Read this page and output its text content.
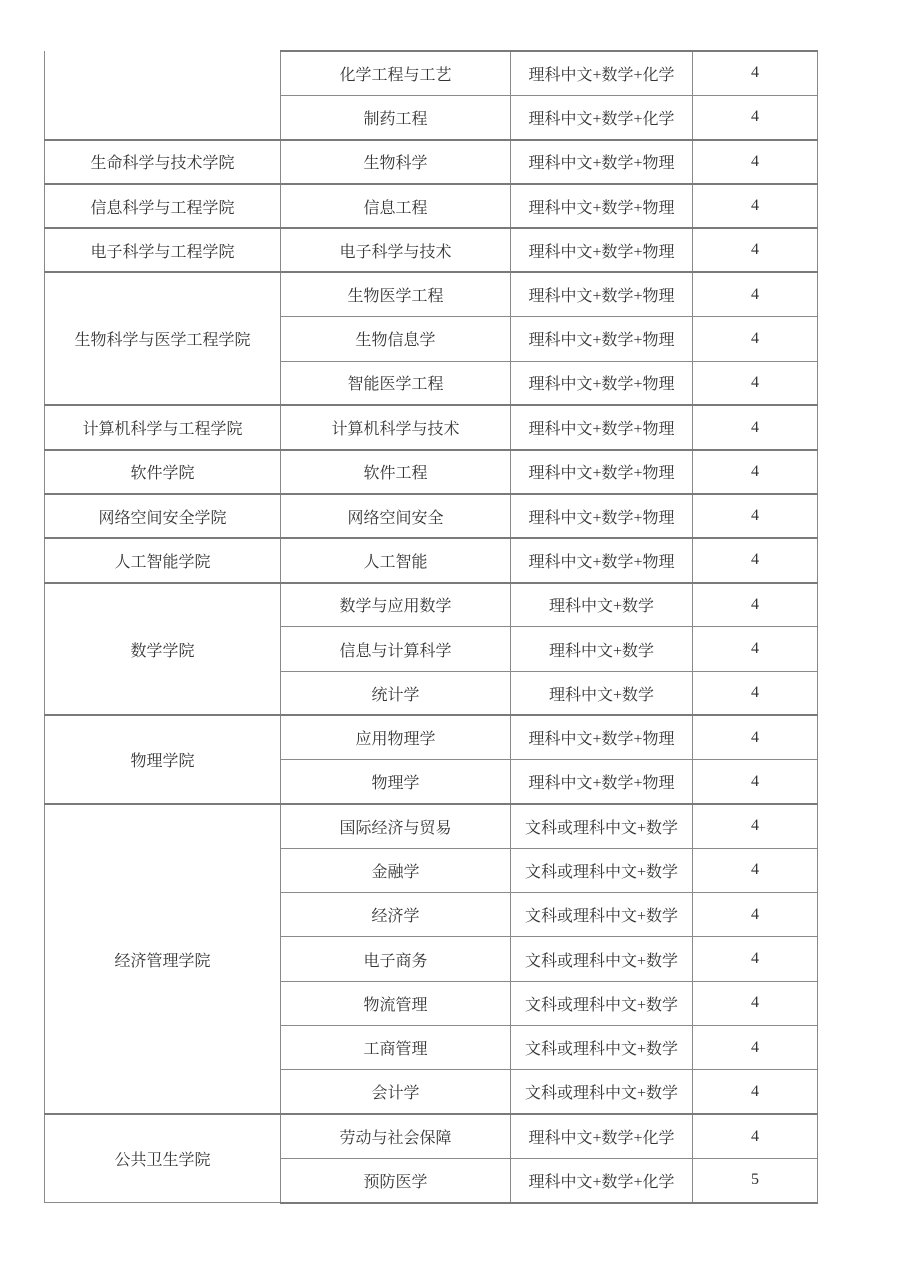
	化学工程与工艺	理科中文+数学+化学	4
	制药工程	理科中文+数学+化学	4
生命科学与技术学院	生物科学	理科中文+数学+物理	4
信息科学与工程学院	信息工程	理科中文+数学+物理	4
电子科学与工程学院	电子科学与技术	理科中文+数学+物理	4
生物科学与医学工程学院	生物医学工程	理科中文+数学+物理	4
	生物信息学	理科中文+数学+物理	4
	智能医学工程	理科中文+数学+物理	4
计算机科学与工程学院	计算机科学与技术	理科中文+数学+物理	4
软件学院	软件工程	理科中文+数学+物理	4
网络空间安全学院	网络空间安全	理科中文+数学+物理	4
人工智能学院	人工智能	理科中文+数学+物理	4
数学学院	数学与应用数学	理科中文+数学	4
	信息与计算科学	理科中文+数学	4
	统计学	理科中文+数学	4
物理学院	应用物理学	理科中文+数学+物理	4
	物理学	理科中文+数学+物理	4
经济管理学院	国际经济与贸易	文科或理科中文+数学	4
	金融学	文科或理科中文+数学	4
	经济学	文科或理科中文+数学	4
	电子商务	文科或理科中文+数学	4
	物流管理	文科或理科中文+数学	4
	工商管理	文科或理科中文+数学	4
	会计学	文科或理科中文+数学	4
公共卫生学院	劳动与社会保障	理科中文+数学+化学	4
	预防医学	理科中文+数学+化学	5
